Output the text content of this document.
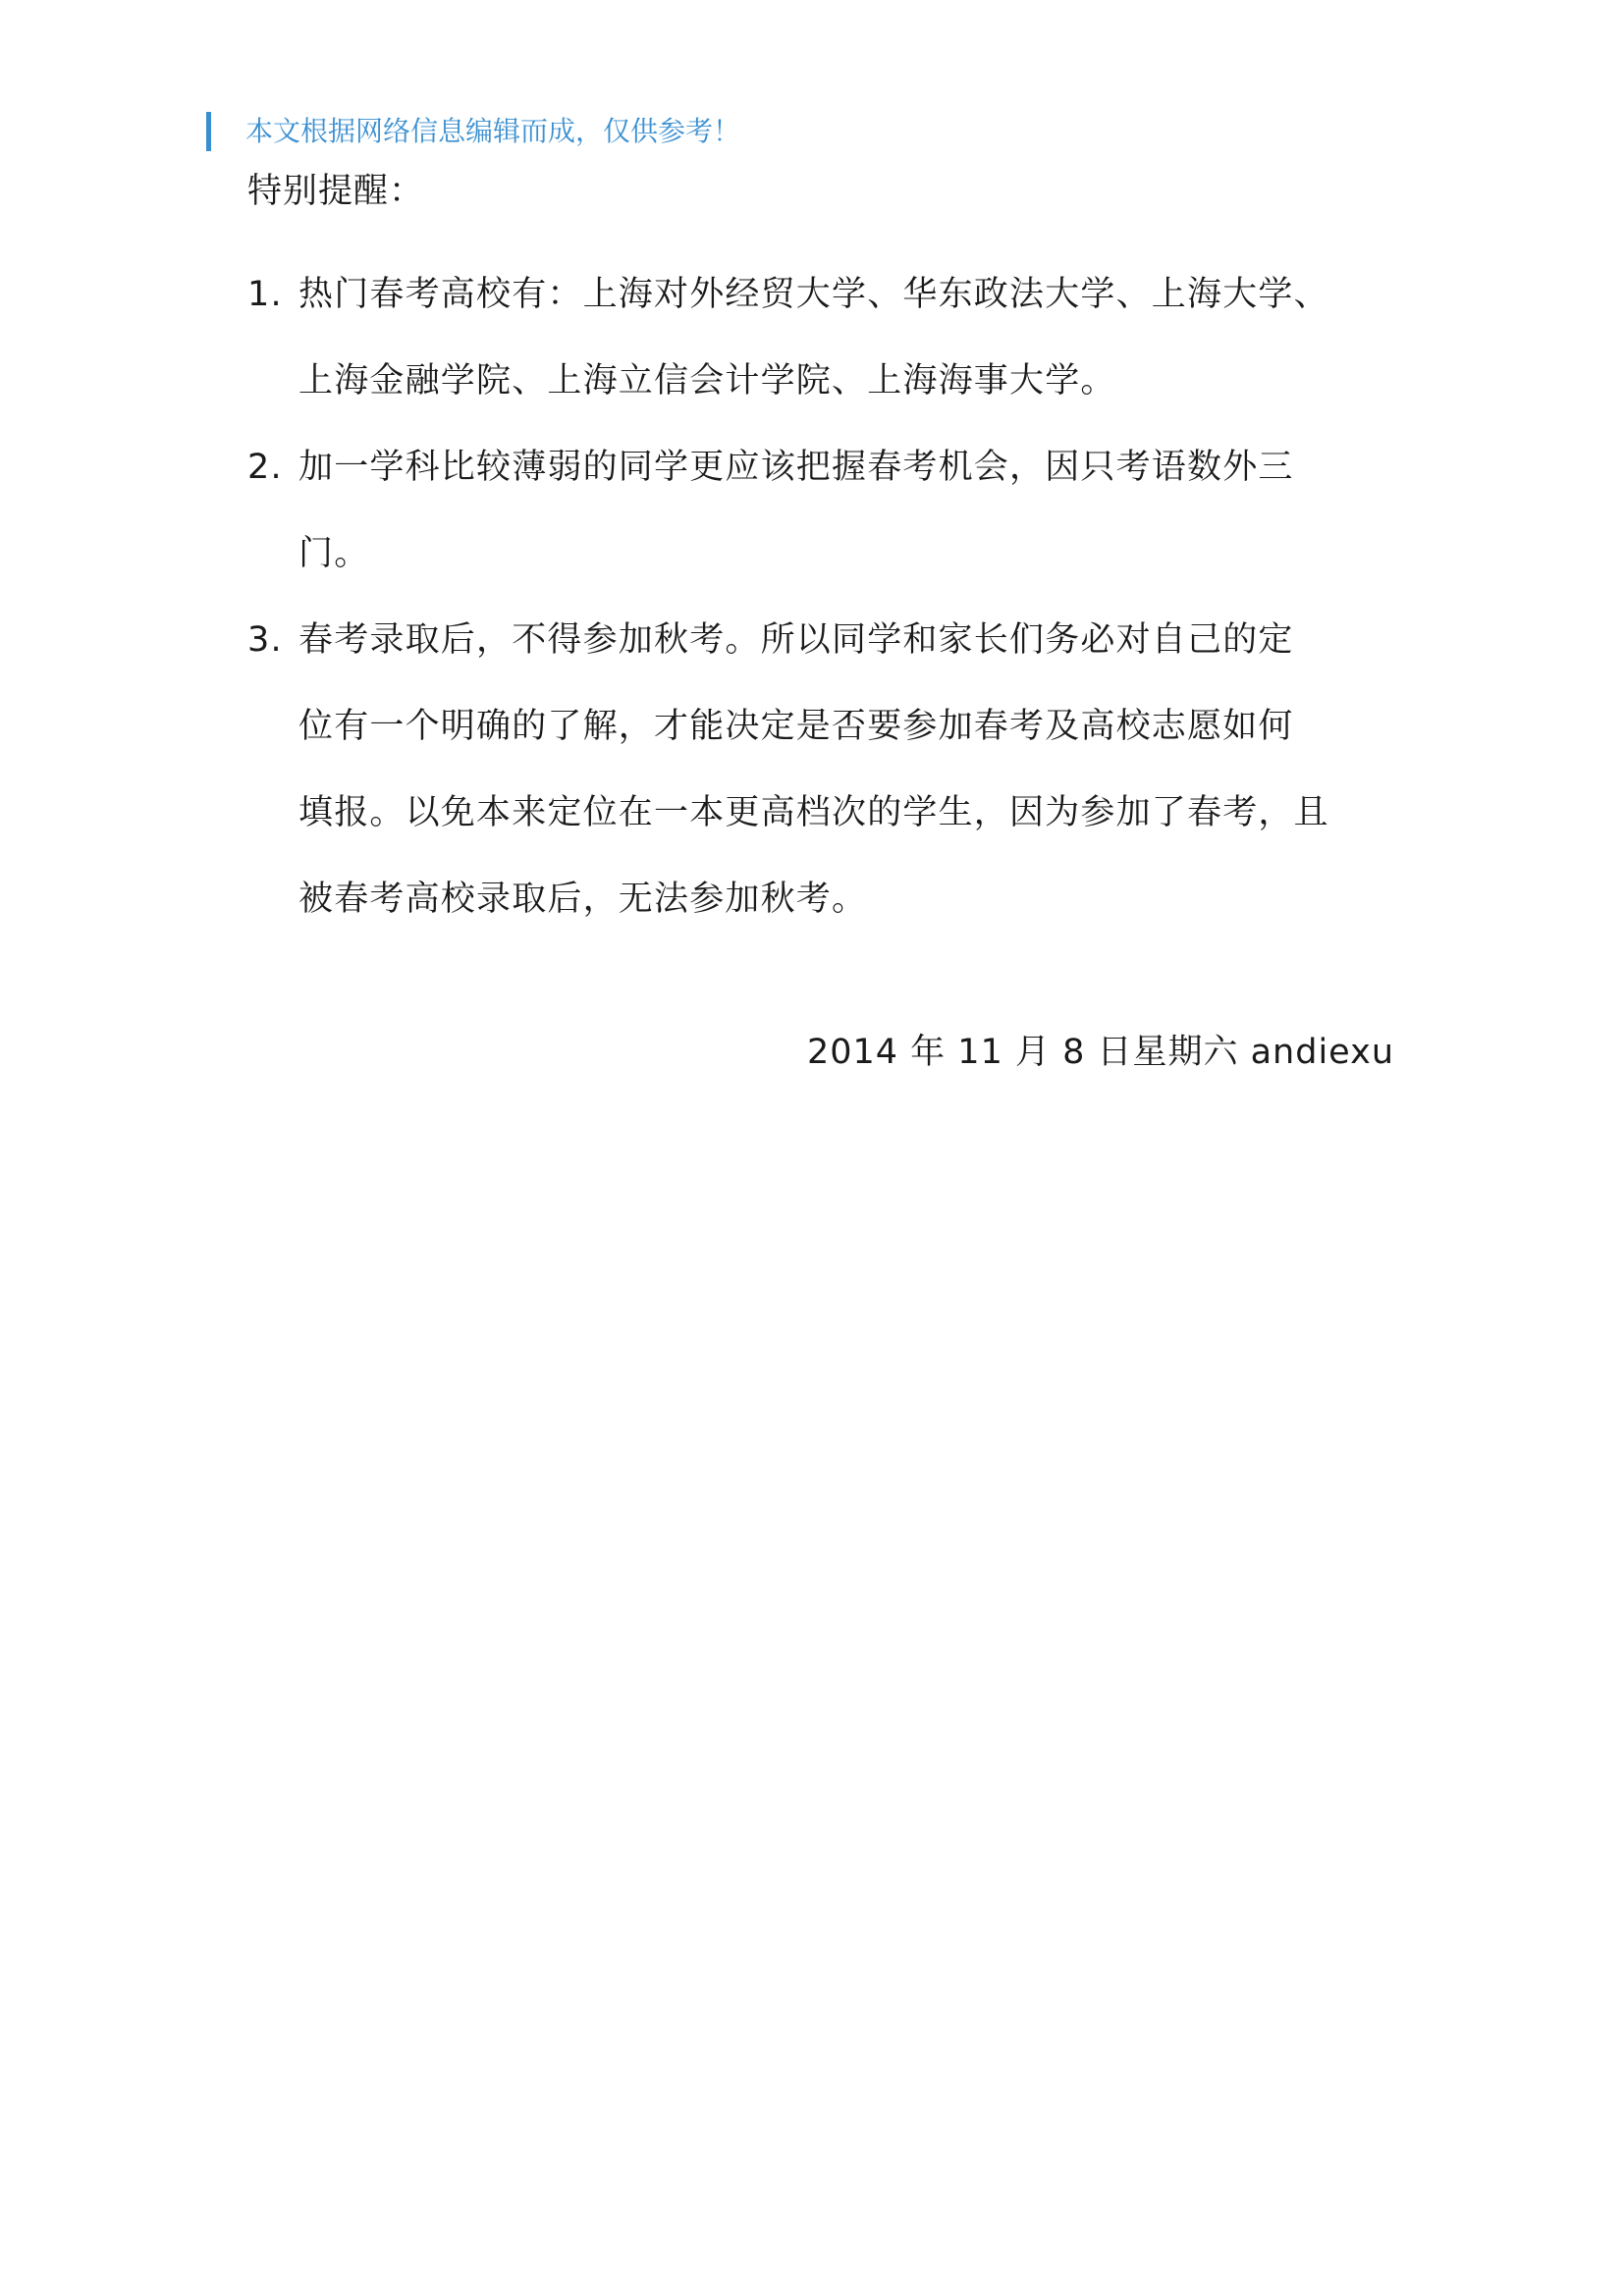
本文根据网络信息编辑而成，仅供参考！
特别提醒：
1. 热门春考高校有：上海对外经贸大学、华东政法大学、上海大学、
上海金融学院、上海立信会计学院、上海海事大学。
2. 加一学科比较薄弱的同学更应该把握春考机会，因只考语数外三
门。
3. 春考录取后，不得参加秋考。所以同学和家长们务必对自己的定
位有一个明确的了解，才能决定是否要参加春考及高校志愿如何
填报。以免本来定位在一本更高档次的学生，因为参加了春考，且
被春考高校录取后，无法参加秋考。
2014 年 11 月 8 日星期六 andiexu
